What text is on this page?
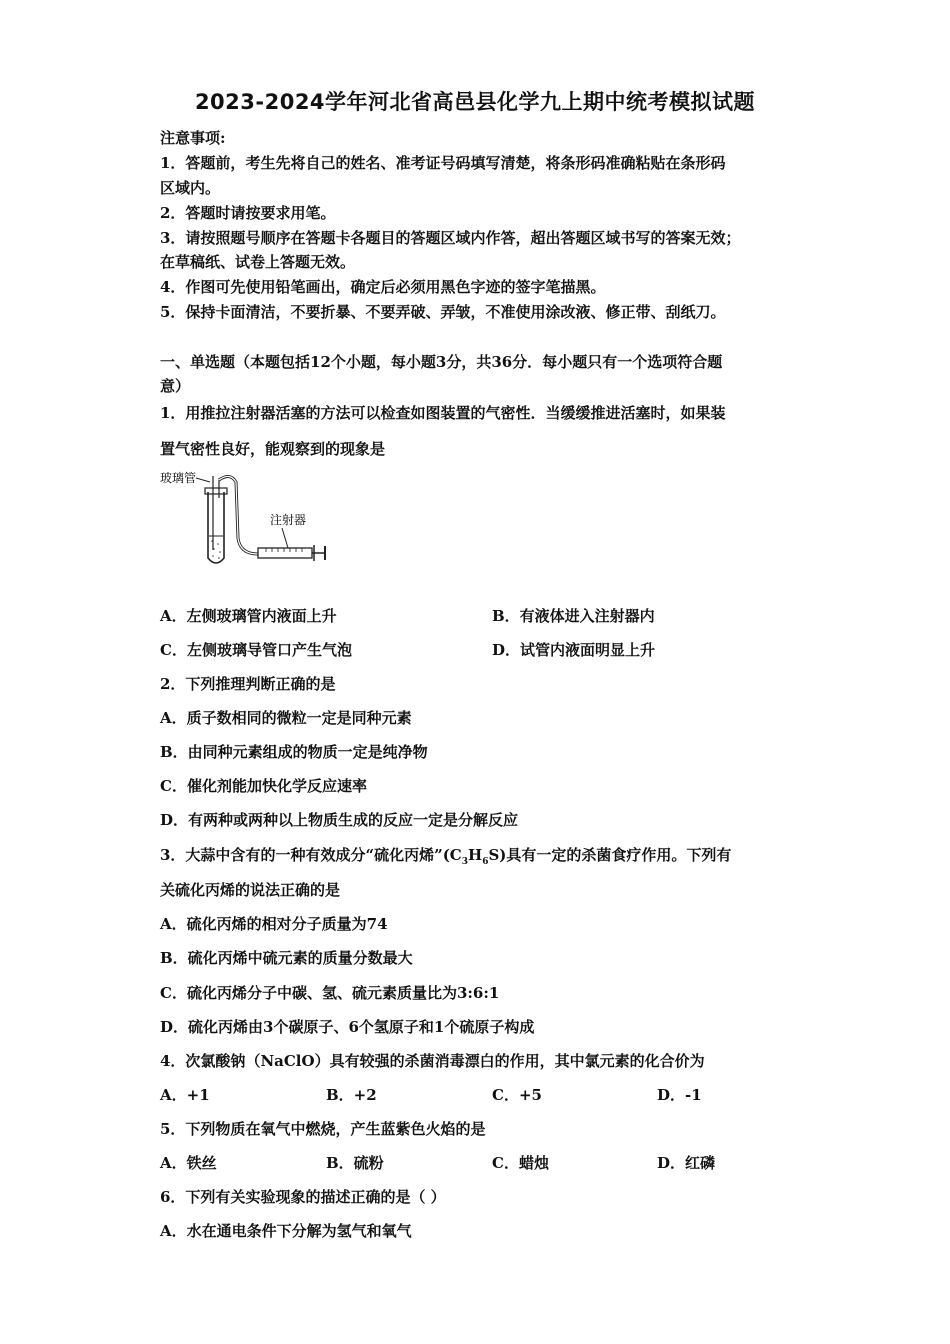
2023-2024学年河北省高邑县化学九上期中统考模拟试题
注意事项:
1．答题前，考生先将自己的姓名、准考证号码填写清楚，将条形码准确粘贴在条形码
区域内。
2．答题时请按要求用笔。
3．请按照题号顺序在答题卡各题目的答题区域内作答，超出答题区域书写的答案无效；
在草稿纸、试卷上答题无效。
4．作图可先使用铅笔画出，确定后必须用黑色字迹的签字笔描黑。
5．保持卡面清洁，不要折暴、不要弄破、弄皱，不准使用涂改液、修正带、刮纸刀。
一、单选题（本题包括12个小题，每小题3分，共36分．每小题只有一个选项符合题
意）
1．用推拉注射器活塞的方法可以检查如图装置的气密性．当缓缓推进活塞时，如果装
置气密性良好，能观察到的现象是
玻璃管
注射器
A．左侧玻璃管内液面上升	B．有液体进入注射器内
C．左侧玻璃导管口产生气泡	D．试管内液面明显上升
2．下列推理判断正确的是
A．质子数相同的微粒一定是同种元素
B．由同种元素组成的物质一定是纯净物
C．催化剂能加快化学反应速率
D．有两种或两种以上物质生成的反应一定是分解反应
3．大蒜中含有的一种有效成分“硫化丙烯$”(C_3H_6S)$具有一定的杀菌食疗作用。下列有
关硫化丙烯的说法正确的是
A．硫化丙烯的相对分子质量为74
B．硫化丙烯中硫元素的质量分数最大
C．硫化丙烯分子中碳、氢、硫元素质量比为3:6:1
D．硫化丙烯由3个碳原子、6个氢原子和1个硫原子构成
4．次氯酸钠（NaClO）具有较强的杀菌消毒漂白的作用，其中氯元素的化合价为
A．+1	B．+2	C．+5	D．-1
5．下列物质在氧气中燃烧，产生蓝紫色火焰的是
A．铁丝	B．硫粉	C．蜡烛	D．红磷
6．下列有关实验现象的描述正确的是（ ）
A．水在通电条件下分解为氢气和氧气
